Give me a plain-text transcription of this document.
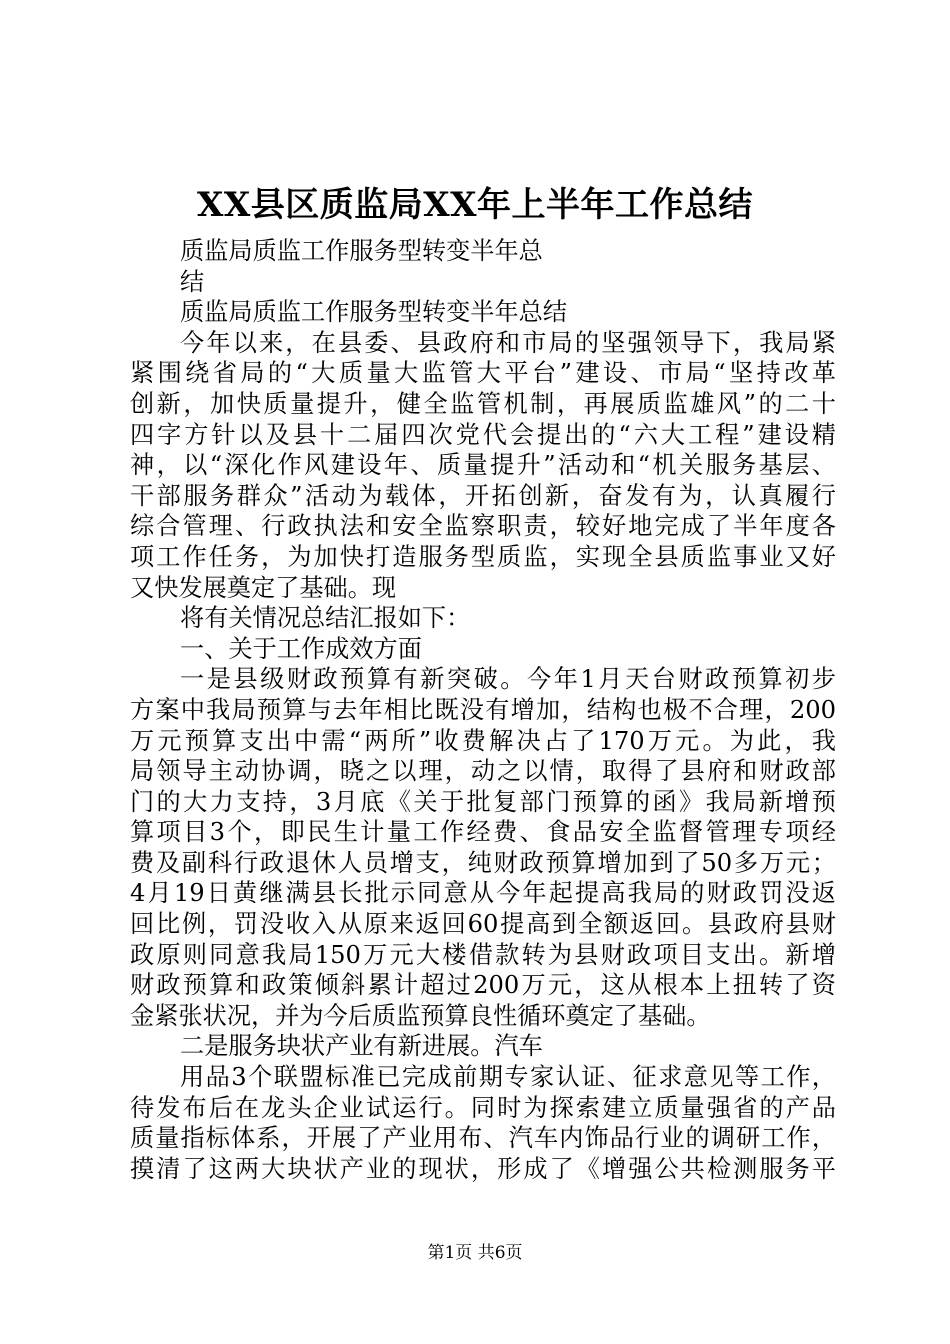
XX县区质监局XX年上半年工作总结
质监局质监工作服务型转变半年总
结
质监局质监工作服务型转变半年总结
今年以来，在县委、县政府和市局的坚强领导下，我局紧
紧围绕省局的“大质量大监管大平台”建设、市局“坚持改革
创新，加快质量提升，健全监管机制，再展质监雄风”的二十
四字方针以及县十二届四次党代会提出的“六大工程”建设精
神，以“深化作风建设年、质量提升”活动和“机关服务基层、
干部服务群众”活动为载体，开拓创新，奋发有为，认真履行
综合管理、行政执法和安全监察职责，较好地完成了半年度各
项工作任务，为加快打造服务型质监，实现全县质监事业又好
又快发展奠定了基础。现
将有关情况总结汇报如下：
一、关于工作成效方面
一是县级财政预算有新突破。今年1月天台财政预算初步
方案中我局预算与去年相比既没有增加，结构也极不合理，200
万元预算支出中需“两所”收费解决占了170万元。为此，我
局领导主动协调，晓之以理，动之以情，取得了县府和财政部
门的大力支持，3月底《关于批复部门预算的函》我局新增预
算项目3个，即民生计量工作经费、食品安全监督管理专项经
费及副科行政退休人员增支，纯财政预算增加到了50多万元；
4月19日黄继满县长批示同意从今年起提高我局的财政罚没返
回比例，罚没收入从原来返回60提高到全额返回。县政府县财
政原则同意我局150万元大楼借款转为县财政项目支出。新增
财政预算和政策倾斜累计超过200万元，这从根本上扭转了资
金紧张状况，并为今后质监预算良性循环奠定了基础。
二是服务块状产业有新进展。汽车
用品3个联盟标准已完成前期专家认证、征求意见等工作，
待发布后在龙头企业试运行。同时为探索建立质量强省的产品
质量指标体系，开展了产业用布、汽车内饰品行业的调研工作，
摸清了这两大块状产业的现状，形成了《增强公共检测服务平
第1页 共6页
